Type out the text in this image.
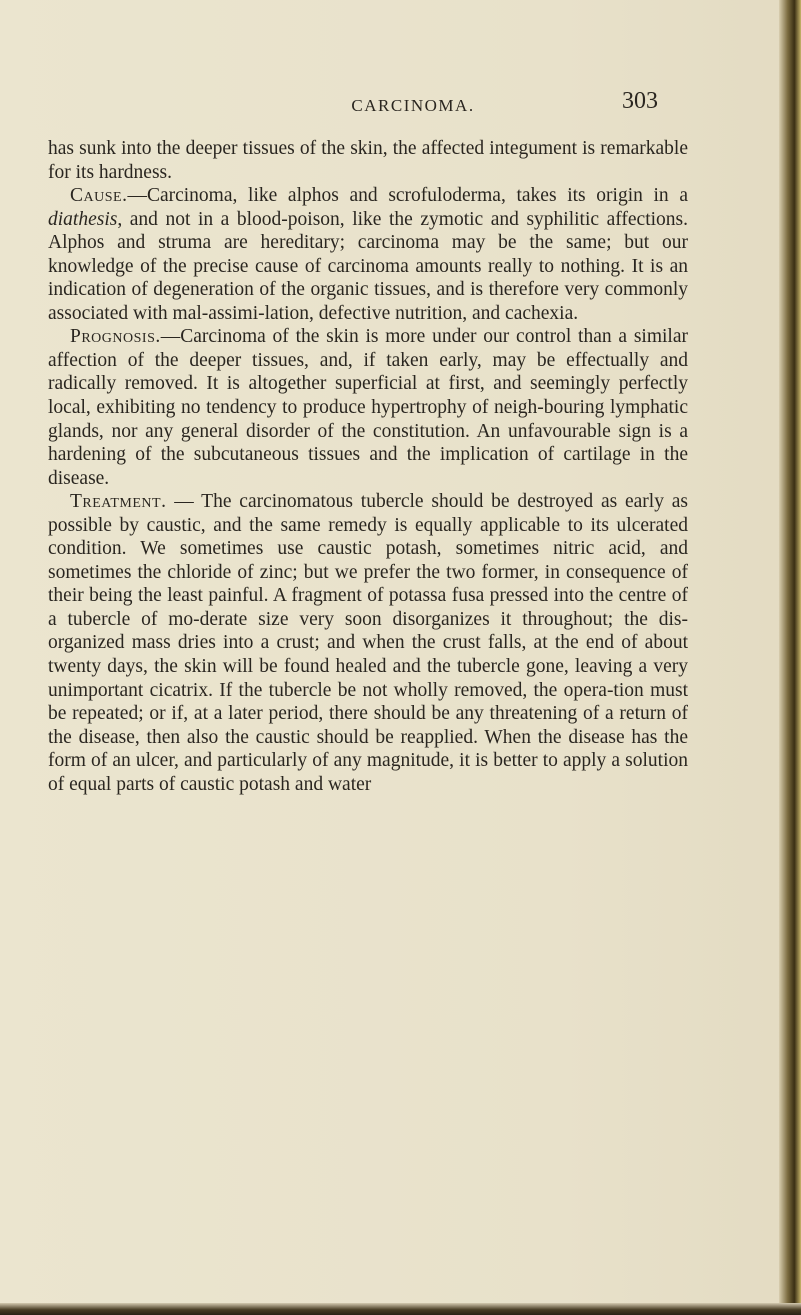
CARCINOMA.	303

has sunk into the deeper tissues of the skin, the affected integument is remarkable for its hardness.

Cause.—Carcinoma, like alphos and scrofuloderma, takes its origin in a diathesis, and not in a blood-poison, like the zymotic and syphilitic affections. Alphos and struma are hereditary; carcinoma may be the same; but our knowledge of the precise cause of carcinoma amounts really to nothing. It is an indication of degeneration of the organic tissues, and is therefore very commonly associated with mal-assimi-lation, defective nutrition, and cachexia.

Prognosis.—Carcinoma of the skin is more under our control than a similar affection of the deeper tissues, and, if taken early, may be effectually and radically removed. It is altogether superficial at first, and seemingly perfectly local, exhibiting no tendency to produce hypertrophy of neigh-bouring lymphatic glands, nor any general disorder of the constitution. An unfavourable sign is a hardening of the subcutaneous tissues and the implication of cartilage in the disease.

Treatment. — The carcinomatous tubercle should be destroyed as early as possible by caustic, and the same remedy is equally applicable to its ulcerated condition. We sometimes use caustic potash, sometimes nitric acid, and sometimes the chloride of zinc; but we prefer the two former, in consequence of their being the least painful. A fragment of potassa fusa pressed into the centre of a tubercle of mo-derate size very soon disorganizes it throughout; the dis-organized mass dries into a crust; and when the crust falls, at the end of about twenty days, the skin will be found healed and the tubercle gone, leaving a very unimportant cicatrix. If the tubercle be not wholly removed, the opera-tion must be repeated; or if, at a later period, there should be any threatening of a return of the disease, then also the caustic should be reapplied. When the disease has the form of an ulcer, and particularly of any magnitude, it is better to apply a solution of equal parts of caustic potash and water
